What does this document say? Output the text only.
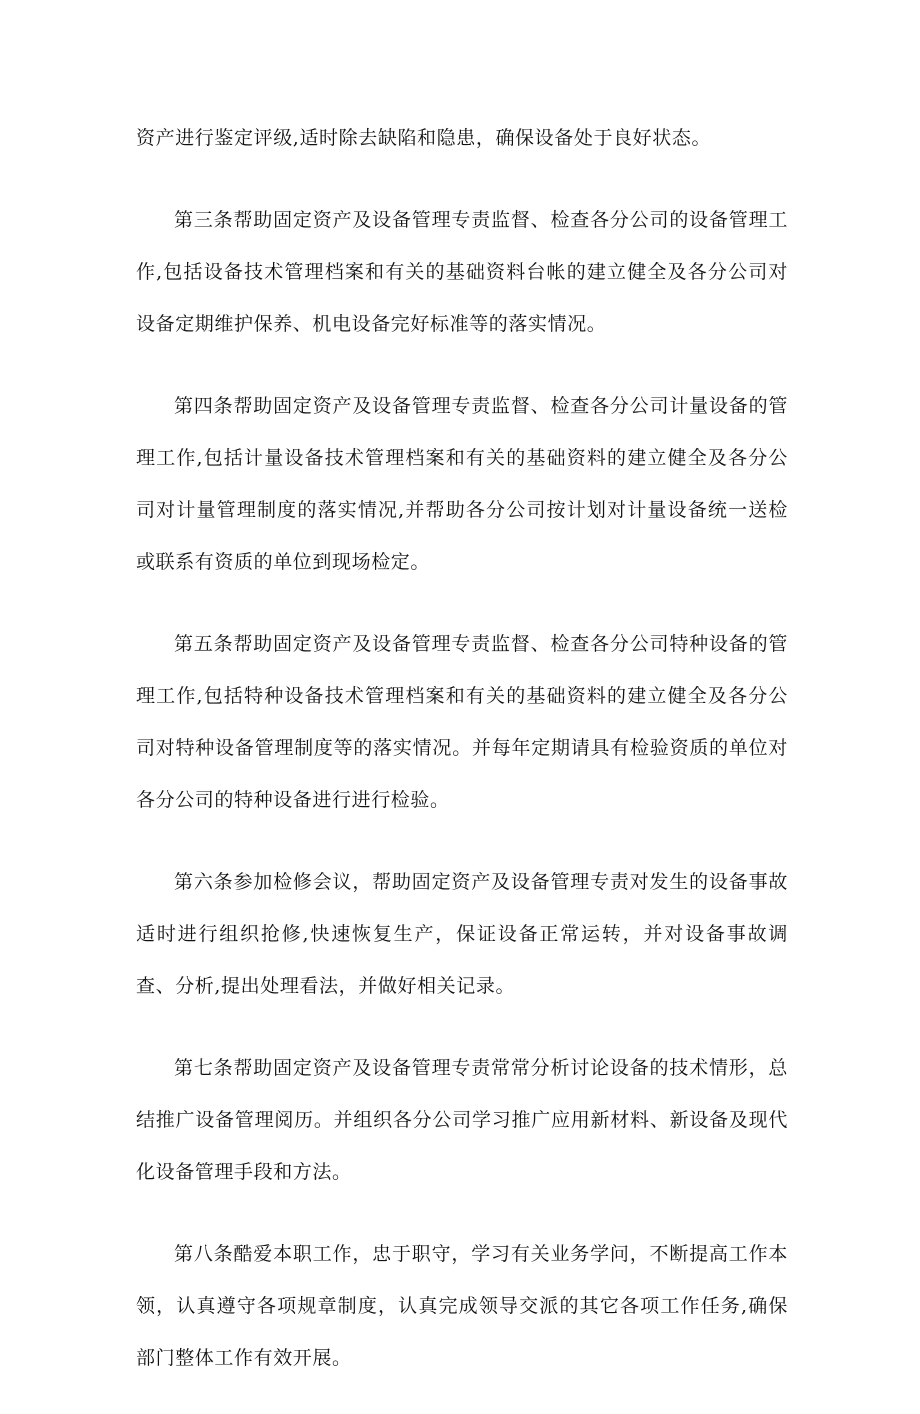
资产进行鉴定评级,适时除去缺陷和隐患，确保设备处于良好状态。

第三条帮助固定资产及设备管理专责监督、检查各分公司的设备管理工作,包括设备技术管理档案和有关的基础资料台帐的建立健全及各分公司对设备定期维护保养、机电设备完好标准等的落实情况。

第四条帮助固定资产及设备管理专责监督、检查各分公司计量设备的管理工作,包括计量设备技术管理档案和有关的基础资料的建立健全及各分公司对计量管理制度的落实情况,并帮助各分公司按计划对计量设备统一送检或联系有资质的单位到现场检定。

第五条帮助固定资产及设备管理专责监督、检查各分公司特种设备的管理工作,包括特种设备技术管理档案和有关的基础资料的建立健全及各分公司对特种设备管理制度等的落实情况。并每年定期请具有检验资质的单位对各分公司的特种设备进行进行检验。

第六条参加检修会议，帮助固定资产及设备管理专责对发生的设备事故适时进行组织抢修,快速恢复生产，保证设备正常运转，并对设备事故调查、分析,提出处理看法，并做好相关记录。

第七条帮助固定资产及设备管理专责常常分析讨论设备的技术情形，总结推广设备管理阅历。并组织各分公司学习推广应用新材料、新设备及现代化设备管理手段和方法。

第八条酷爱本职工作，忠于职守，学习有关业务学问，不断提高工作本领，认真遵守各项规章制度，认真完成领导交派的其它各项工作任务,确保部门整体工作有效开展。
